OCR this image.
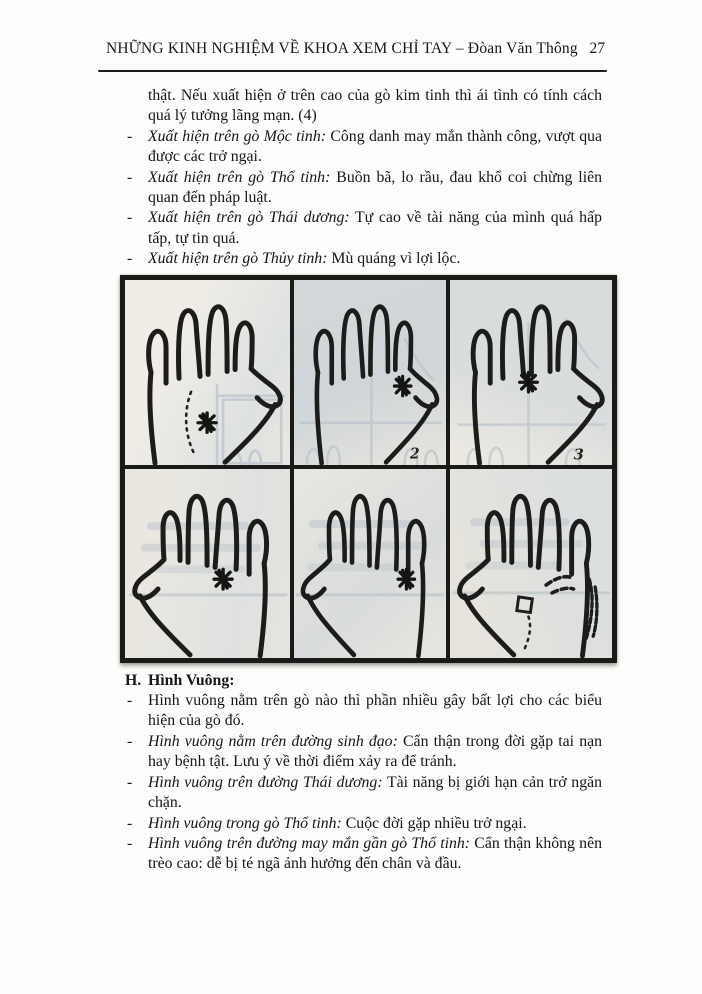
NHỮNG KINH NGHIỆM VỀ KHOA XEM CHỈ TAY – Đòan Văn Thông 27

thật. Nếu xuất hiện ở trên cao của gò kim tinh thì ái tình có tính cách quá lý tưởng lãng mạn. (4)

- Xuất hiện trên gò Mộc tinh: Công danh may mắn thành công, vượt qua được các trở ngại.
- Xuất hiện trên gò Thổ tinh: Buồn bã, lo rầu, đau khổ coi chừng liên quan đến pháp luật.
- Xuất hiện trên gò Thái dương: Tự cao về tài năng của mình quá hấp tấp, tự tin quá.
- Xuất hiện trên gò Thủy tinh: Mù quáng vì lợi lộc.
2	3
H. Hình Vuông:
- Hình vuông nằm trên gò nào thì phần nhiều gây bất lợi cho các biểu hiện của gò đó.
- Hình vuông nằm trên đường sinh đạo: Cẩn thận trong đời gặp tai nạn hay bệnh tật. Lưu ý về thời điểm xảy ra để tránh.
- Hình vuông trên đường Thái dương: Tài năng bị giới hạn cản trở ngăn chặn.
- Hình vuông trong gò Thổ tinh: Cuộc đời gặp nhiều trở ngại.
- Hình vuông trên đường may mắn gần gò Thổ tinh: Cẩn thận không nên trèo cao: dễ bị té ngã ảnh hưởng đến chân và đầu.
